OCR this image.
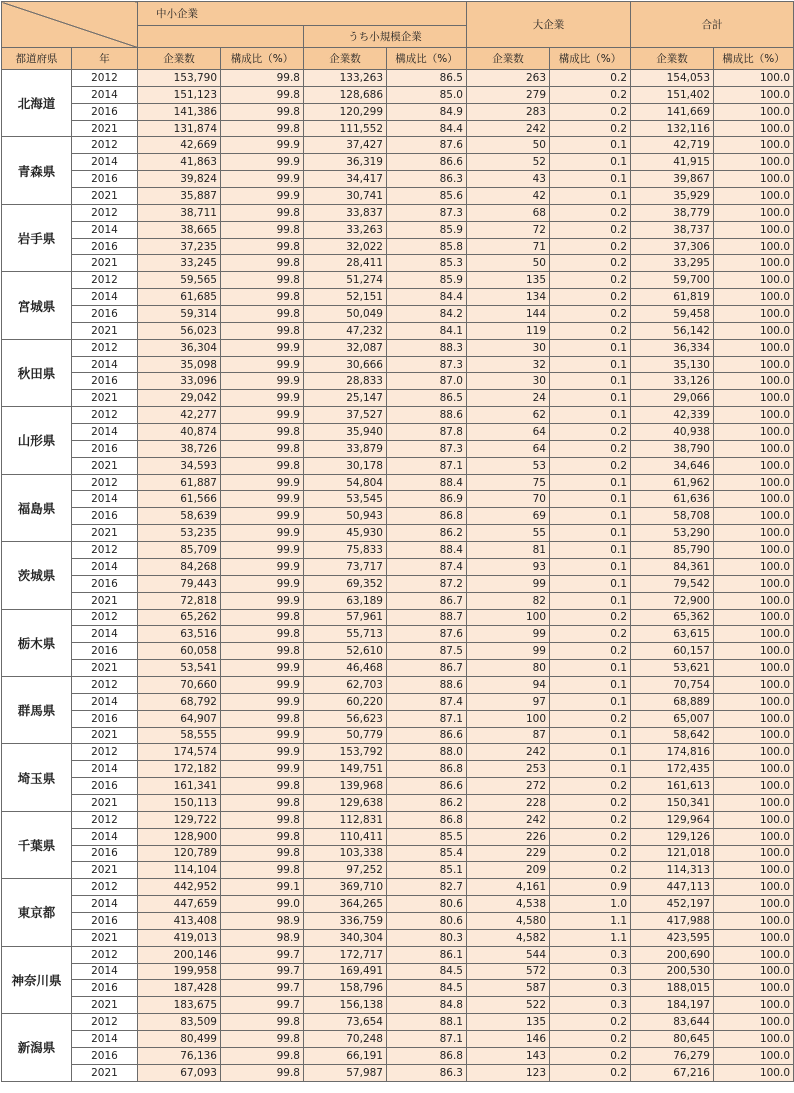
		中小企業				大企業		合計	
				うち小規模企業					
都道府県	年	企業数	構成比（%）	企業数	構成比（%）	企業数	構成比（%）	企業数	構成比（%）
北海道	2012	153,790	99.8	133,263	86.5	263	0.2	154,053	100.0
	2014	151,123	99.8	128,686	85.0	279	0.2	151,402	100.0
	2016	141,386	99.8	120,299	84.9	283	0.2	141,669	100.0
	2021	131,874	99.8	111,552	84.4	242	0.2	132,116	100.0
青森県	2012	42,669	99.9	37,427	87.6	50	0.1	42,719	100.0
	2014	41,863	99.9	36,319	86.6	52	0.1	41,915	100.0
	2016	39,824	99.9	34,417	86.3	43	0.1	39,867	100.0
	2021	35,887	99.9	30,741	85.6	42	0.1	35,929	100.0
岩手県	2012	38,711	99.8	33,837	87.3	68	0.2	38,779	100.0
	2014	38,665	99.8	33,263	85.9	72	0.2	38,737	100.0
	2016	37,235	99.8	32,022	85.8	71	0.2	37,306	100.0
	2021	33,245	99.8	28,411	85.3	50	0.2	33,295	100.0
宮城県	2012	59,565	99.8	51,274	85.9	135	0.2	59,700	100.0
	2014	61,685	99.8	52,151	84.4	134	0.2	61,819	100.0
	2016	59,314	99.8	50,049	84.2	144	0.2	59,458	100.0
	2021	56,023	99.8	47,232	84.1	119	0.2	56,142	100.0
秋田県	2012	36,304	99.9	32,087	88.3	30	0.1	36,334	100.0
	2014	35,098	99.9	30,666	87.3	32	0.1	35,130	100.0
	2016	33,096	99.9	28,833	87.0	30	0.1	33,126	100.0
	2021	29,042	99.9	25,147	86.5	24	0.1	29,066	100.0
山形県	2012	42,277	99.9	37,527	88.6	62	0.1	42,339	100.0
	2014	40,874	99.8	35,940	87.8	64	0.2	40,938	100.0
	2016	38,726	99.8	33,879	87.3	64	0.2	38,790	100.0
	2021	34,593	99.8	30,178	87.1	53	0.2	34,646	100.0
福島県	2012	61,887	99.9	54,804	88.4	75	0.1	61,962	100.0
	2014	61,566	99.9	53,545	86.9	70	0.1	61,636	100.0
	2016	58,639	99.9	50,943	86.8	69	0.1	58,708	100.0
	2021	53,235	99.9	45,930	86.2	55	0.1	53,290	100.0
茨城県	2012	85,709	99.9	75,833	88.4	81	0.1	85,790	100.0
	2014	84,268	99.9	73,717	87.4	93	0.1	84,361	100.0
	2016	79,443	99.9	69,352	87.2	99	0.1	79,542	100.0
	2021	72,818	99.9	63,189	86.7	82	0.1	72,900	100.0
栃木県	2012	65,262	99.8	57,961	88.7	100	0.2	65,362	100.0
	2014	63,516	99.8	55,713	87.6	99	0.2	63,615	100.0
	2016	60,058	99.8	52,610	87.5	99	0.2	60,157	100.0
	2021	53,541	99.9	46,468	86.7	80	0.1	53,621	100.0
群馬県	2012	70,660	99.9	62,703	88.6	94	0.1	70,754	100.0
	2014	68,792	99.9	60,220	87.4	97	0.1	68,889	100.0
	2016	64,907	99.8	56,623	87.1	100	0.2	65,007	100.0
	2021	58,555	99.9	50,779	86.6	87	0.1	58,642	100.0
埼玉県	2012	174,574	99.9	153,792	88.0	242	0.1	174,816	100.0
	2014	172,182	99.9	149,751	86.8	253	0.1	172,435	100.0
	2016	161,341	99.8	139,968	86.6	272	0.2	161,613	100.0
	2021	150,113	99.8	129,638	86.2	228	0.2	150,341	100.0
千葉県	2012	129,722	99.8	112,831	86.8	242	0.2	129,964	100.0
	2014	128,900	99.8	110,411	85.5	226	0.2	129,126	100.0
	2016	120,789	99.8	103,338	85.4	229	0.2	121,018	100.0
	2021	114,104	99.8	97,252	85.1	209	0.2	114,313	100.0
東京都	2012	442,952	99.1	369,710	82.7	4,161	0.9	447,113	100.0
	2014	447,659	99.0	364,265	80.6	4,538	1.0	452,197	100.0
	2016	413,408	98.9	336,759	80.6	4,580	1.1	417,988	100.0
	2021	419,013	98.9	340,304	80.3	4,582	1.1	423,595	100.0
神奈川県	2012	200,146	99.7	172,717	86.1	544	0.3	200,690	100.0
	2014	199,958	99.7	169,491	84.5	572	0.3	200,530	100.0
	2016	187,428	99.7	158,796	84.5	587	0.3	188,015	100.0
	2021	183,675	99.7	156,138	84.8	522	0.3	184,197	100.0
新潟県	2012	83,509	99.8	73,654	88.1	135	0.2	83,644	100.0
	2014	80,499	99.8	70,248	87.1	146	0.2	80,645	100.0
	2016	76,136	99.8	66,191	86.8	143	0.2	76,279	100.0
	2021	67,093	99.8	57,987	86.3	123	0.2	67,216	100.0
